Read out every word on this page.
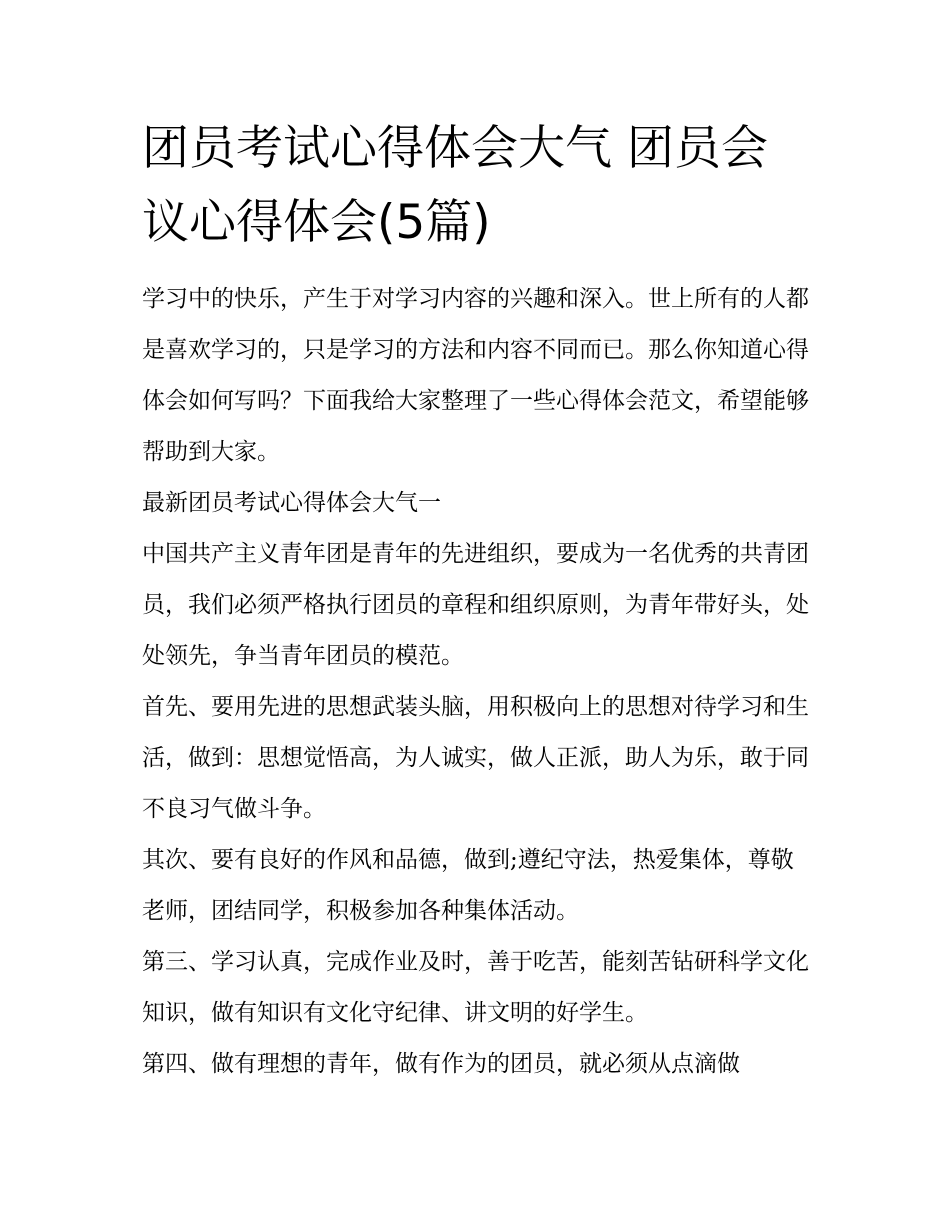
团员考试心得体会大气 团员会议心得体会(5篇)

学习中的快乐，产生于对学习内容的兴趣和深入。世上所有的人都是喜欢学习的，只是学习的方法和内容不同而已。那么你知道心得体会如何写吗？下面我给大家整理了一些心得体会范文，希望能够帮助到大家。

最新团员考试心得体会大气一

中国共产主义青年团是青年的先进组织，要成为一名优秀的共青团员，我们必须严格执行团员的章程和组织原则，为青年带好头，处处领先，争当青年团员的模范。

首先、要用先进的思想武装头脑，用积极向上的思想对待学习和生活，做到：思想觉悟高，为人诚实，做人正派，助人为乐，敢于同不良习气做斗争。

其次、要有良好的作风和品德，做到;遵纪守法，热爱集体，尊敬老师，团结同学，积极参加各种集体活动。

第三、学习认真，完成作业及时，善于吃苦，能刻苦钻研科学文化知识，做有知识有文化守纪律、讲文明的好学生。

第四、做有理想的青年，做有作为的团员，就必须从点滴做
